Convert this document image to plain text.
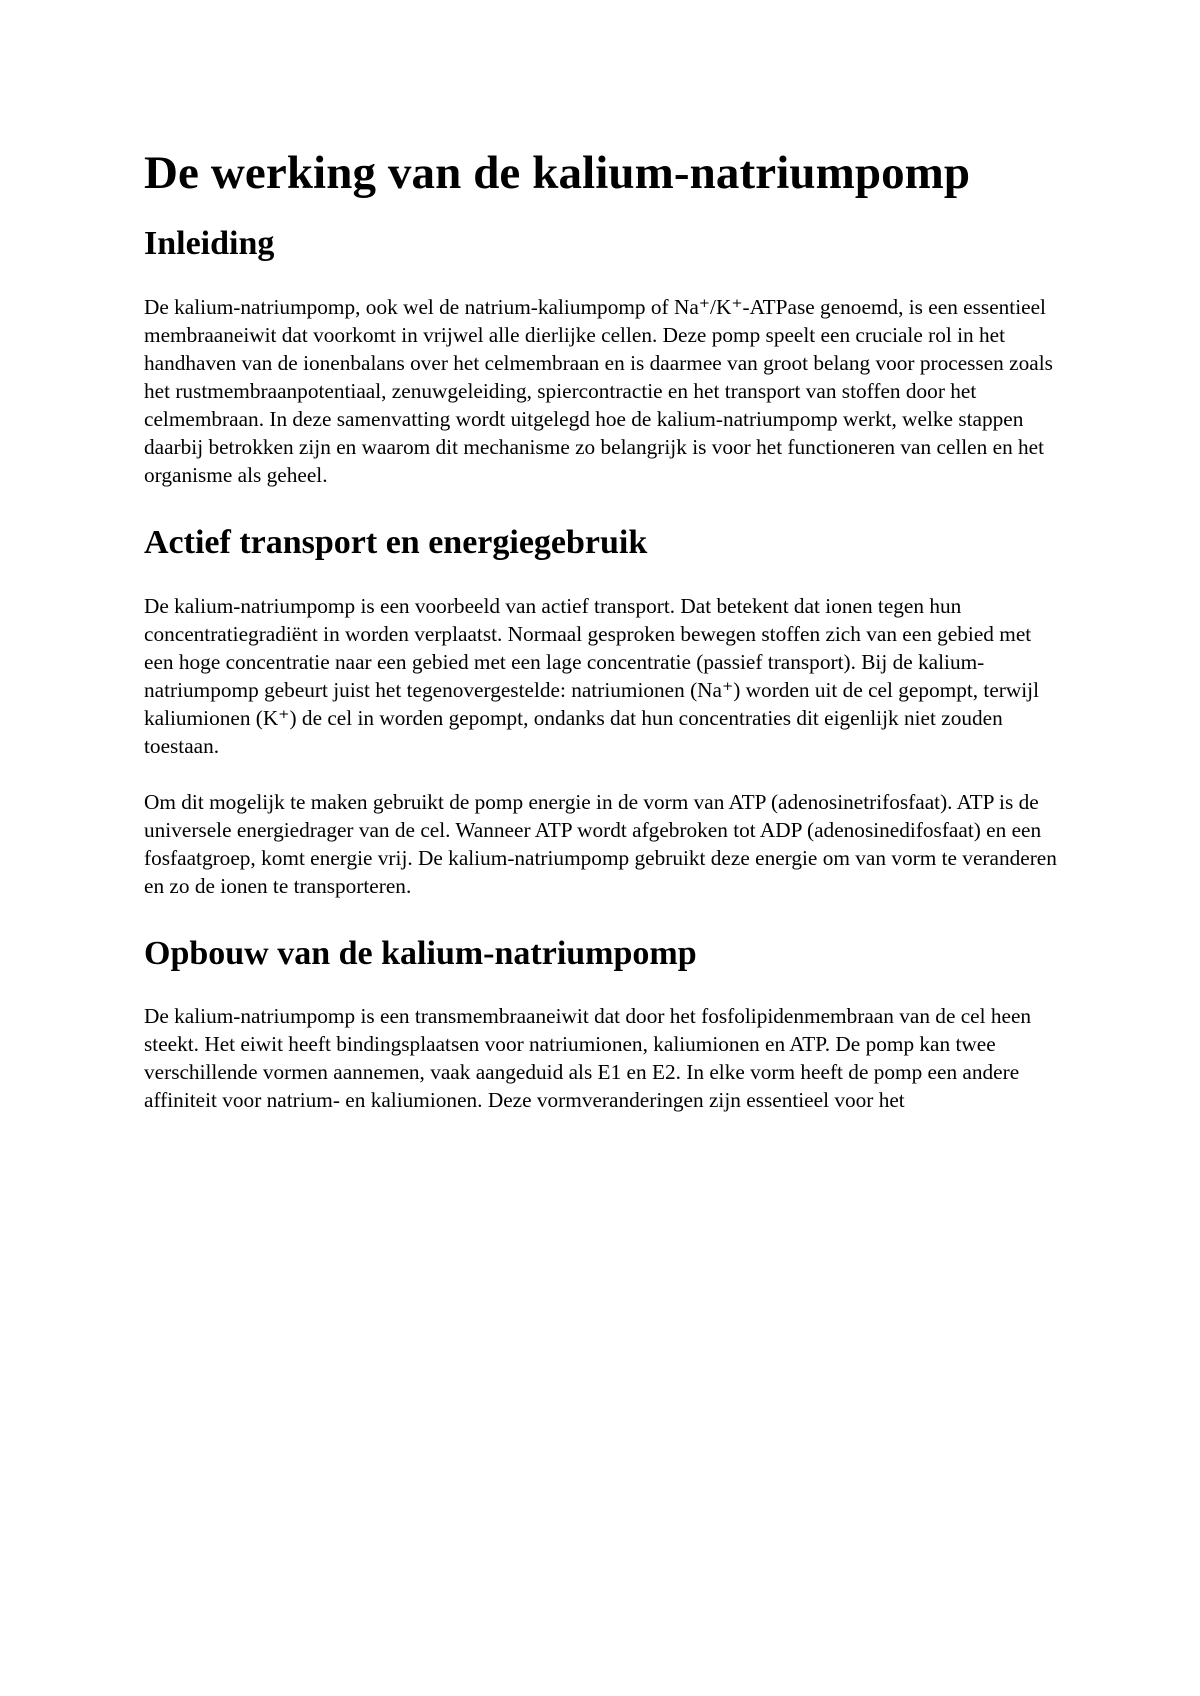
De werking van de kalium-natriumpomp
Inleiding

De kalium-natriumpomp, ook wel de natrium-kaliumpomp of Na⁺/K⁺-ATPase genoemd, is een essentieel membraaneiwit dat voorkomt in vrijwel alle dierlijke cellen. Deze pomp speelt een cruciale rol in het handhaven van de ionenbalans over het celmembraan en is daarmee van groot belang voor processen zoals het rustmembraanpotentiaal, zenuwgeleiding, spiercontractie en het transport van stoffen door het celmembraan. In deze samenvatting wordt uitgelegd hoe de kalium-natriumpomp werkt, welke stappen daarbij betrokken zijn en waarom dit mechanisme zo belangrijk is voor het functioneren van cellen en het organisme als geheel.

Actief transport en energiegebruik

De kalium-natriumpomp is een voorbeeld van actief transport. Dat betekent dat ionen tegen hun concentratiegradiënt in worden verplaatst. Normaal gesproken bewegen stoffen zich van een gebied met een hoge concentratie naar een gebied met een lage concentratie (passief transport). Bij de kalium-natriumpomp gebeurt juist het tegenovergestelde: natriumionen (Na⁺) worden uit de cel gepompt, terwijl kaliumionen (K⁺) de cel in worden gepompt, ondanks dat hun concentraties dit eigenlijk niet zouden toestaan.

Om dit mogelijk te maken gebruikt de pomp energie in de vorm van ATP (adenosinetrifosfaat). ATP is de universele energiedrager van de cel. Wanneer ATP wordt afgebroken tot ADP (adenosinedifosfaat) en een fosfaatgroep, komt energie vrij. De kalium-natriumpomp gebruikt deze energie om van vorm te veranderen en zo de ionen te transporteren.

Opbouw van de kalium-natriumpomp

De kalium-natriumpomp is een transmembraaneiwit dat door het fosfolipidenmembraan van de cel heen steekt. Het eiwit heeft bindingsplaatsen voor natriumionen, kaliumionen en ATP. De pomp kan twee verschillende vormen aannemen, vaak aangeduid als E1 en E2. In elke vorm heeft de pomp een andere affiniteit voor natrium- en kaliumionen. Deze vormveranderingen zijn essentieel voor het
